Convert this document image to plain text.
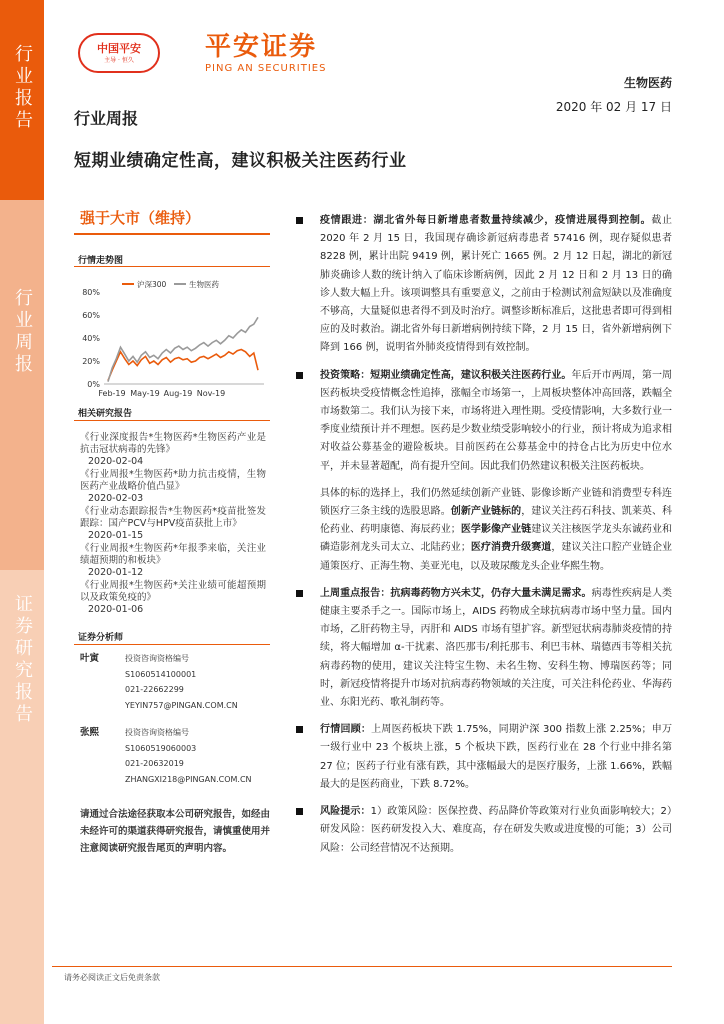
行业报告
行业周报
证券研究报告
中国平安
主导 · 恒久	平安证券
PING AN SECURITIES
生物医药
2020 年 02 月 17 日
行业周报
短期业绩确定性高，建议积极关注医药行业
强于大市（维持）
行情走势图
0%
20%
40%
60%
80%
Feb-19 May-19 Aug-19 Nov-19
沪深300	生物医药
相关研究报告
《行业深度报告*生物医药*生物医药产业是抗击冠状病毒的先锋》
2020-02-04
《行业周报*生物医药*助力抗击疫情，生物医药产业战略价值凸显》
2020-02-03
《行业动态跟踪报告*生物医药*疫苗批签发跟踪：国产PCV与HPV疫苗获批上市》
2020-01-15
《行业周报*生物医药*年报季来临，关注业绩超预期的和板块》
2020-01-12
《行业周报*生物医药*关注业绩可能超预期以及政策免疫的》
2020-01-06
证券分析师
叶寅	投资咨询资格编号
S1060514100001
021-22662299
YEYIN757@PINGAN.COM.CN
张熙	投资咨询资格编号
S1060519060003
021-20632019
ZHANGXI218@PINGAN.COM.CN
请通过合法途径获取本公司研究报告，如经由未经许可的渠道获得研究报告，请慎重使用并注意阅读研究报告尾页的声明内容。
疫情跟进：湖北省外每日新增患者数量持续减少，疫情进展得到控制。截止 2020 年 2 月 15 日，我国现存确诊新冠病毒患者 57416 例，现存疑似患者 8228 例，累计出院 9419 例，累计死亡 1665 例。2 月 12 日起，湖北的新冠肺炎确诊人数的统计纳入了临床诊断病例，因此 2 月 12 日和 2 月 13 日的确诊人数大幅上升。该项调整具有重要意义，之前由于检测试剂盒短缺以及准确度不够高，大量疑似患者得不到及时治疗。调整诊断标准后，这批患者即可得到相应的及时救治。湖北省外每日新增病例持续下降，2 月 15 日，省外新增病例下降到 166 例，说明省外肺炎疫情得到有效控制。
投资策略：短期业绩确定性高，建议积极关注医药行业。年后开市两周，第一周医药板块受疫情概念性追捧，涨幅全市场第一，上周板块整体冲高回落，跌幅全市场数第二。我们认为接下来，市场将进入理性期。受疫情影响，大多数行业一季度业绩预计并不理想。医药是少数业绩受影响较小的行业，预计将成为追求相对收益公募基金的避险板块。目前医药在公募基金中的持仓占比为历史中位水平，并未显著超配，尚有提升空间。因此我们仍然建议积极关注医药板块。
具体的标的选择上，我们仍然延续创新产业链、影像诊断产业链和消费型专科连锁医疗三条主线的选股思路。创新产业链标的，建议关注药石科技、凯莱英、科伦药业、药明康德、海辰药业；医学影像产业链建议关注核医学龙头东诚药业和磷造影剂龙头司太立、北陆药业；医疗消费升级赛道，建议关注口腔产业链企业通策医疗、正海生物、美亚光电，以及玻尿酸龙头企业华熙生物。
上周重点报告：抗病毒药物方兴未艾，仍存大量未满足需求。病毒性疾病是人类健康主要杀手之一。国际市场上，AIDS 药物成全球抗病毒市场中坚力量。国内市场，乙肝药物主导，丙肝和 AIDS 市场有望扩容。新型冠状病毒肺炎疫情的持续，将大幅增加 α-干扰素、洛匹那韦/利托那韦、利巴韦林、瑞德西韦等相关抗病毒药物的使用，建议关注特宝生物、未名生物、安科生物、博瑞医药等；同时，新冠疫情将提升市场对抗病毒药物领域的关注度，可关注科伦药业、华海药业、东阳光药、歌礼制药等。
行情回顾：上周医药板块下跌 1.75%，同期沪深 300 指数上涨 2.25%；申万一级行业中 23 个板块上涨，5 个板块下跌，医药行业在 28 个行业中排名第 27 位；医药子行业有涨有跌，其中涨幅最大的是医疗服务，上涨 1.66%，跌幅最大的是医药商业，下跌 8.72%。
风险提示：1）政策风险：医保控费、药品降价等政策对行业负面影响较大；2）研发风险：医药研发投入大、难度高，存在研发失败或进度慢的可能；3）公司风险：公司经营情况不达预期。
请务必阅读正文后免责条款
